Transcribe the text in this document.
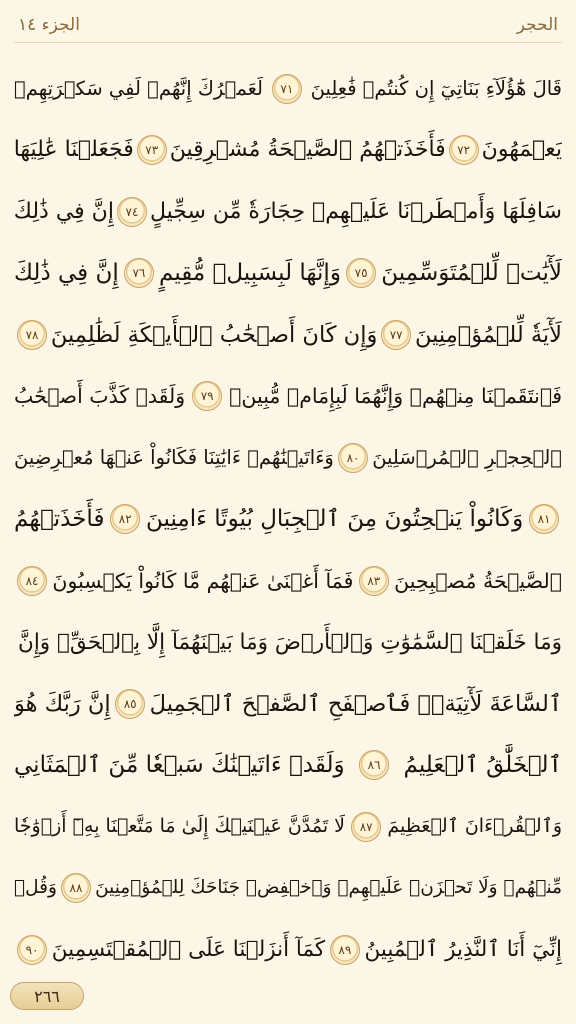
الحجر
الجزء ١٤
قَالَ هَٰٓؤُلَآءِ بَنَاتِيٓ إِن كُنتُمۡ فَٰعِلِينَ
٧١
لَعَمۡرُكَ إِنَّهُمۡ لَفِي سَكۡرَتِهِمۡ
يَعۡمَهُونَ
٧٢
فَأَخَذَتۡهُمُ ٱلصَّيۡحَةُ مُشۡرِقِينَ
٧٣
فَجَعَلۡنَا عَٰلِيَهَا
سَافِلَهَا وَأَمۡطَرۡنَا عَلَيۡهِمۡ حِجَارَةٗ مِّن سِجِّيلٍ
٧٤
إِنَّ فِي ذَٰلِكَ
لَأٓيَٰتٖ لِّلۡمُتَوَسِّمِينَ
٧٥
وَإِنَّهَا لَبِسَبِيلٖ مُّقِيمٍ
٧٦
إِنَّ فِي ذَٰلِكَ
لَأٓيَةٗ لِّلۡمُؤۡمِنِينَ
٧٧
وَإِن كَانَ أَصۡحَٰبُ ٱلۡأَيۡكَةِ لَظَٰلِمِينَ
٧٨
فَٱنتَقَمۡنَا مِنۡهُمۡ وَإِنَّهُمَا لَبِإِمَامٖ مُّبِينٖ
٧٩
وَلَقَدۡ كَذَّبَ أَصۡحَٰبُ
ٱلۡحِجۡرِ ٱلۡمُرۡسَلِينَ
٨٠
وَءَاتَيۡنَٰهُمۡ ءَايَٰتِنَا فَكَانُواْ عَنۡهَا مُعۡرِضِينَ
٨١
وَكَانُواْ يَنۡحِتُونَ مِنَ ٱلۡجِبَالِ بُيُوتًا ءَامِنِينَ
٨٢
فَأَخَذَتۡهُمُ
ٱلصَّيۡحَةُ مُصۡبِحِينَ
٨٣
فَمَآ أَغۡنَىٰ عَنۡهُم مَّا كَانُواْ يَكۡسِبُونَ
٨٤
وَمَا خَلَقۡنَا ٱلسَّمَٰوَٰتِ وَٱلۡأَرۡضَ وَمَا بَيۡنَهُمَآ إِلَّا بِٱلۡحَقِّۗ وَإِنَّ
ٱلسَّاعَةَ لَأٓتِيَةٞۖ فَٱصۡفَحِ ٱلصَّفۡحَ ٱلۡجَمِيلَ
٨٥
إِنَّ رَبَّكَ هُوَ
ٱلۡخَلَّٰقُ ٱلۡعَلِيمُ
٨٦
وَلَقَدۡ ءَاتَيۡنَٰكَ سَبۡعٗا مِّنَ ٱلۡمَثَانِي
وَٱلۡقُرۡءَانَ ٱلۡعَظِيمَ
٨٧
لَا تَمُدَّنَّ عَيۡنَيۡكَ إِلَىٰ مَا مَتَّعۡنَا بِهِۦٓ أَزۡوَٰجٗا
مِّنۡهُمۡ وَلَا تَحۡزَنۡ عَلَيۡهِمۡ وَٱخۡفِضۡ جَنَاحَكَ لِلۡمُؤۡمِنِينَ
٨٨
وَقُلۡ
إِنِّيٓ أَنَا ٱلنَّذِيرُ ٱلۡمُبِينُ
٨٩
كَمَآ أَنزَلۡنَا عَلَى ٱلۡمُقۡتَسِمِينَ
٩٠
٢٦٦
